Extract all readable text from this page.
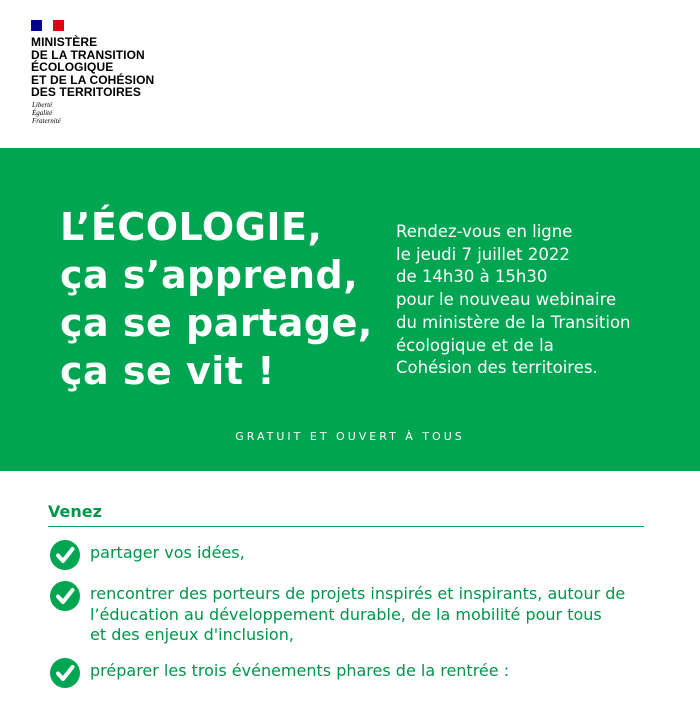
MINISTÈRE
DE LA TRANSITION
ÉCOLOGIQUE
ET DE LA COHÉSION
DES TERRITOIRES
Liberté
Égalité
Fraternité
L’ÉCOLOGIE,
ça s’apprend,
ça se partage,
ça se vit !
Rendez-vous en ligne
le jeudi 7 juillet 2022
de 14h30 à 15h30
pour le nouveau webinaire
du ministère de la Transition
écologique et de la
Cohésion des territoires.
GRATUIT ET OUVERT À TOUS
Venez
partager vos idées,
rencontrer des porteurs de projets inspirés et inspirants, autour de
l’éducation au développement durable, de la mobilité pour tous
et des enjeux d'inclusion,
préparer les trois événements phares de la rentrée :
